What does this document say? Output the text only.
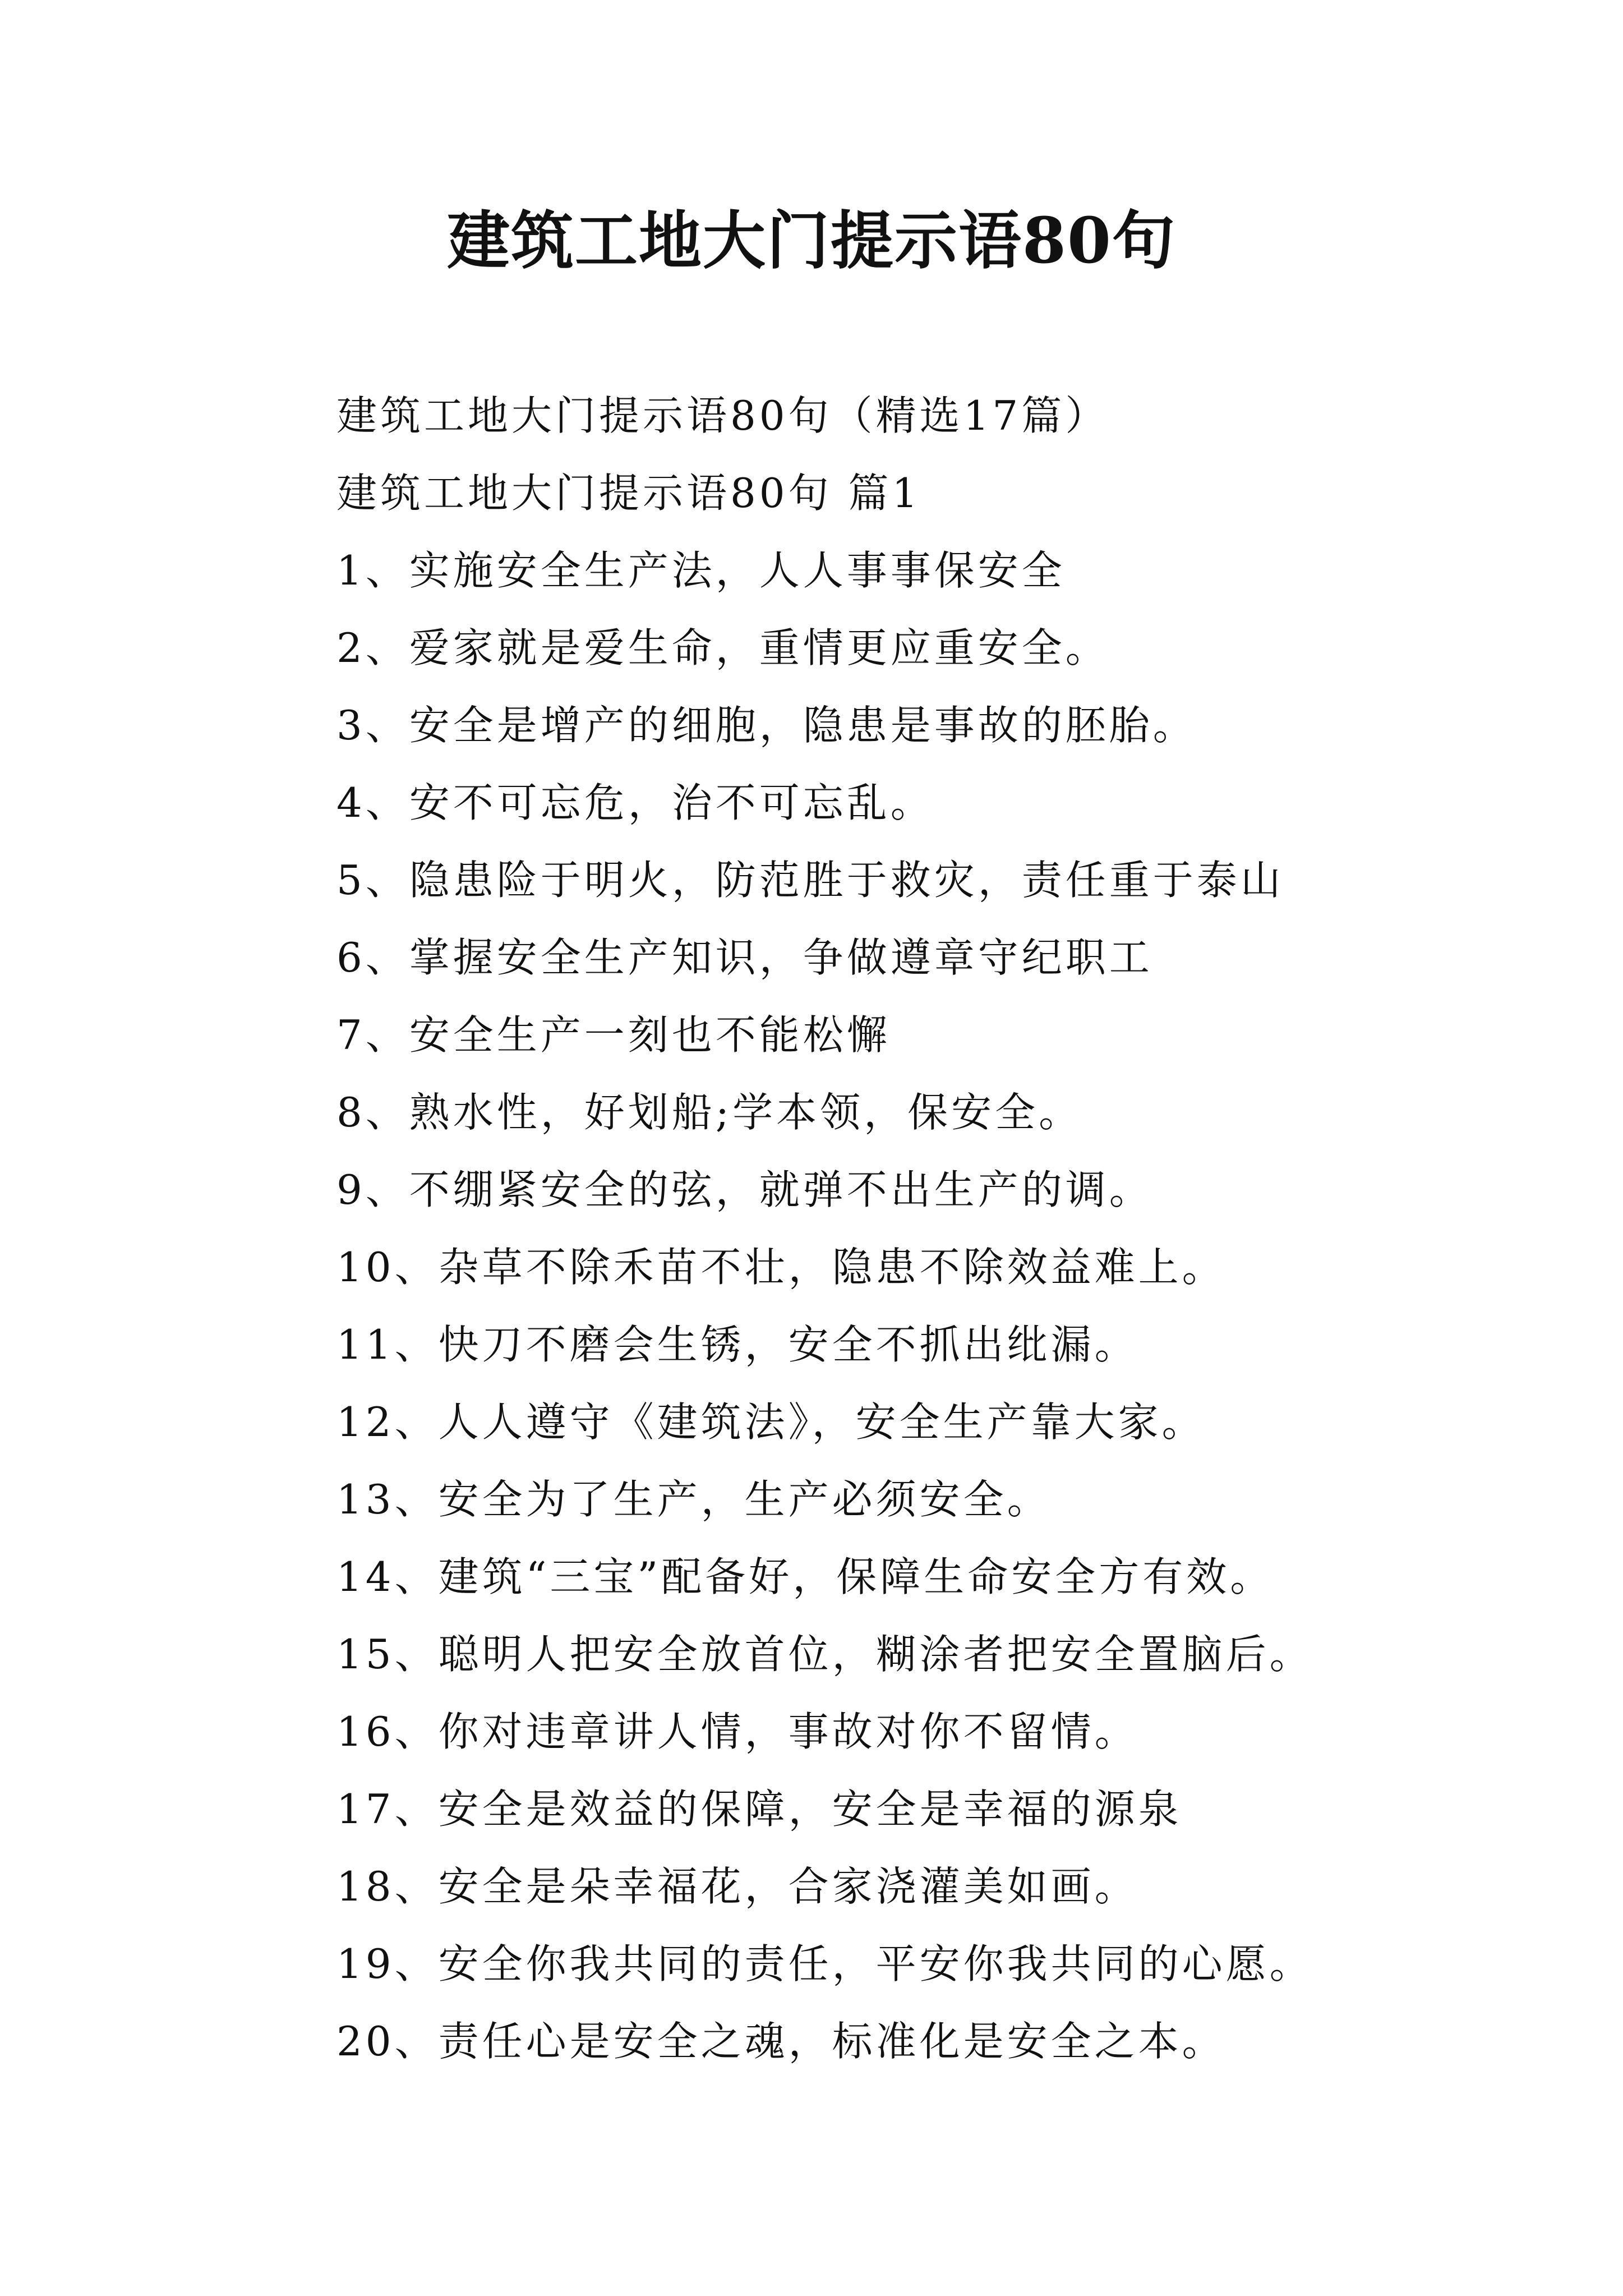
建筑工地大门提示语80句
建筑工地大门提示语80句（精选17篇）
建筑工地大门提示语80句 篇1
1、实施安全生产法，人人事事保安全
2、爱家就是爱生命，重情更应重安全。
3、安全是增产的细胞，隐患是事故的胚胎。
4、安不可忘危，治不可忘乱。
5、隐患险于明火，防范胜于救灾，责任重于泰山
6、掌握安全生产知识，争做遵章守纪职工
7、安全生产一刻也不能松懈
8、熟水性，好划船;学本领，保安全。
9、不绷紧安全的弦，就弹不出生产的调。
10、杂草不除禾苗不壮，隐患不除效益难上。
11、快刀不磨会生锈，安全不抓出纰漏。
12、人人遵守《建筑法》，安全生产靠大家。
13、安全为了生产，生产必须安全。
14、建筑“三宝”配备好，保障生命安全方有效。
15、聪明人把安全放首位，糊涂者把安全置脑后。
16、你对违章讲人情，事故对你不留情。
17、安全是效益的保障，安全是幸福的源泉
18、安全是朵幸福花，合家浇灌美如画。
19、安全你我共同的责任，平安你我共同的心愿。
20、责任心是安全之魂，标准化是安全之本。
